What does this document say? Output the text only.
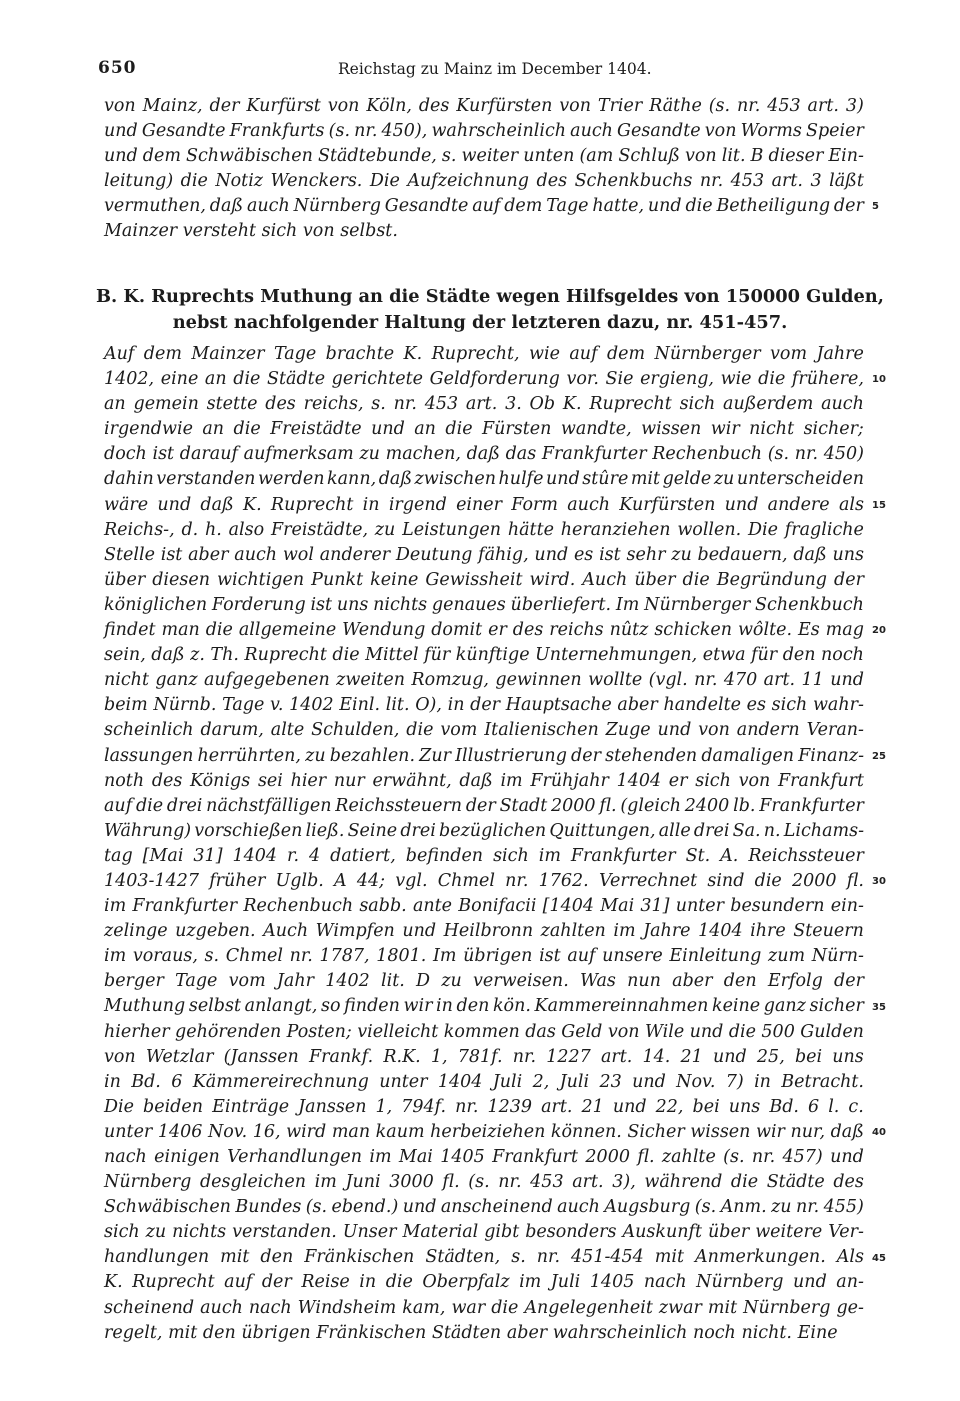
650	Reichstag zu Mainz im December 1404.
von Mainz, der Kurfürst von Köln, des Kurfürsten von Trier Räthe (s. nr. 453 art. 3)
und Gesandte Frankfurts (s. nr. 450), wahrscheinlich auch Gesandte von Worms Speier
und dem Schwäbischen Städtebunde, s. weiter unten (am Schluß von lit. B dieser Ein-
leitung) die Notiz Wenckers. Die Aufzeichnung des Schenkbuchs nr. 453 art. 3 läßt
vermuthen, daß auch Nürnberg Gesandte auf dem Tage hatte, und die Betheiligung der
Mainzer versteht sich von selbst.
B. K. Ruprechts Muthung an die Städte wegen Hilfsgeldes von 150000 Gulden,
nebst nachfolgender Haltung der letzteren dazu, nr. 451-457.
Auf dem Mainzer Tage brachte K. Ruprecht, wie auf dem Nürnberger vom Jahre
1402, eine an die Städte gerichtete Geldforderung vor. Sie ergieng, wie die frühere,
an gemein stette des reichs, s. nr. 453 art. 3. Ob K. Ruprecht sich außerdem auch
irgendwie an die Freistädte und an die Fürsten wandte, wissen wir nicht sicher;
doch ist darauf aufmerksam zu machen, daß das Frankfurter Rechenbuch (s. nr. 450)
dahin verstanden werden kann, daß zwischen hulfe und stûre mit gelde zu unterscheiden
wäre und daß K. Ruprecht in irgend einer Form auch Kurfürsten und andere als
Reichs-, d. h. also Freistädte, zu Leistungen hätte heranziehen wollen. Die fragliche
Stelle ist aber auch wol anderer Deutung fähig, und es ist sehr zu bedauern, daß uns
über diesen wichtigen Punkt keine Gewissheit wird. Auch über die Begründung der
königlichen Forderung ist uns nichts genaues überliefert. Im Nürnberger Schenkbuch
findet man die allgemeine Wendung domit er des reichs nûtz schicken wôlte. Es mag
sein, daß z. Th. Ruprecht die Mittel für künftige Unternehmungen, etwa für den noch
nicht ganz aufgegebenen zweiten Romzug, gewinnen wollte (vgl. nr. 470 art. 11 und
beim Nürnb. Tage v. 1402 Einl. lit. O), in der Hauptsache aber handelte es sich wahr-
scheinlich darum, alte Schulden, die vom Italienischen Zuge und von andern Veran-
lassungen herrührten, zu bezahlen. Zur Illustrierung der stehenden damaligen Finanz-
noth des Königs sei hier nur erwähnt, daß im Frühjahr 1404 er sich von Frankfurt
auf die drei nächstfälligen Reichssteuern der Stadt 2000 fl. (gleich 2400 lb. Frankfurter
Währung) vorschießen ließ. Seine drei bezüglichen Quittungen, alle drei Sa. n. Lichams-
tag [Mai 31] 1404 r. 4 datiert, befinden sich im Frankfurter St. A. Reichssteuer
1403-1427 früher Uglb. A 44; vgl. Chmel nr. 1762. Verrechnet sind die 2000 fl.
im Frankfurter Rechenbuch sabb. ante Bonifacii [1404 Mai 31] unter besundern ein-
zelinge uzgeben. Auch Wimpfen und Heilbronn zahlten im Jahre 1404 ihre Steuern
im voraus, s. Chmel nr. 1787, 1801. Im übrigen ist auf unsere Einleitung zum Nürn-
berger Tage vom Jahr 1402 lit. D zu verweisen. Was nun aber den Erfolg der
Muthung selbst anlangt, so finden wir in den kön. Kammereinnahmen keine ganz sicher
hierher gehörenden Posten; vielleicht kommen das Geld von Wile und die 500 Gulden
von Wetzlar (Janssen Frankf. R.K. 1, 781f. nr. 1227 art. 14. 21 und 25, bei uns
in Bd. 6 Kämmereirechnung unter 1404 Juli 2, Juli 23 und Nov. 7) in Betracht.
Die beiden Einträge Janssen 1, 794f. nr. 1239 art. 21 und 22, bei uns Bd. 6 l. c.
unter 1406 Nov. 16, wird man kaum herbeiziehen können. Sicher wissen wir nur, daß
nach einigen Verhandlungen im Mai 1405 Frankfurt 2000 fl. zahlte (s. nr. 457) und
Nürnberg desgleichen im Juni 3000 fl. (s. nr. 453 art. 3), während die Städte des
Schwäbischen Bundes (s. ebend.) und anscheinend auch Augsburg (s. Anm. zu nr. 455)
sich zu nichts verstanden. Unser Material gibt besonders Auskunft über weitere Ver-
handlungen mit den Fränkischen Städten, s. nr. 451-454 mit Anmerkungen. Als
K. Ruprecht auf der Reise in die Oberpfalz im Juli 1405 nach Nürnberg und an-
scheinend auch nach Windsheim kam, war die Angelegenheit zwar mit Nürnberg ge-
regelt, mit den übrigen Fränkischen Städten aber wahrscheinlich noch nicht. Eine
5
10
15
20
25
30
35
40
45
